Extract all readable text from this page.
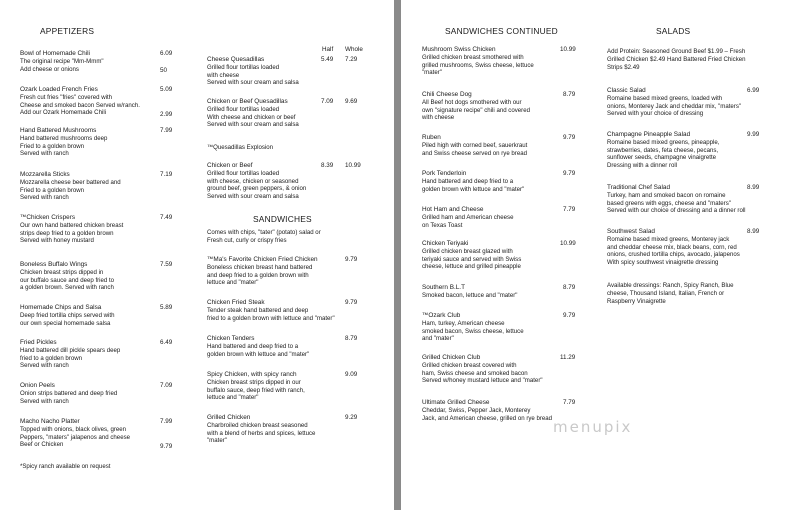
APPETIZERS
Bowl of Homemade Chili
The original recipe "Mm-Mmm"
Add cheese or onions
6.09
50
Ozark Loaded French Fries
Fresh cut fries "fries" covered with
Cheese and smoked bacon Served w/ranch.
Add our Ozark Homemade Chili
5.09
2.99
Hand Battered Mushrooms
Hand battered mushrooms deep
Fried to a golden brown
Served with ranch
7.99
Mozzarella Sticks
Mozzarella cheese beer battered and
Fried to a golden brown
Served with ranch
7.19
™Chicken Crispers
Our own hand battered chicken breast
strips deep fried to a golden brown
Served with honey mustard
7.49
Boneless Buffalo Wings
Chicken breast strips dipped in
our buffalo sauce and deep fried to
a golden brown. Served with ranch
7.59
Homemade Chips and Salsa
Deep fried tortilla chips served with
our own special homemade salsa
5.89
Fried Pickles
Hand battered dill pickle spears deep
fried to a golden brown
Served with ranch
6.49
Onion Peels
Onion strips battered and deep fried
Served with ranch
7.09
Macho Nacho Platter
Topped with onions, black olives, green
Peppers, "maters" jalapenos and cheese
Beef or Chicken
7.99
9.79
*Spicy ranch available on request
Half Whole
Cheese Quesadillas
Grilled flour tortillas loaded
with cheese
Served with sour cream and salsa
5.49 7.29
Chicken or Beef Quesadillas
Grilled flour tortillas loaded
With cheese and chicken or beef
Served with sour cream and salsa
7.09 9.69
™Quesadillas Explosion
Chicken or Beef
Grilled flour tortillas loaded
with cheese, chicken or seasoned
ground beef, green peppers, & onion
Served with sour cream and salsa
8.39 10.99
SANDWICHES
Comes with chips, "tater" (potato) salad or
Fresh cut, curly or crispy fries
™Ma's Favorite Chicken Fried Chicken
Boneless chicken breast hand battered
and deep fried to a golden brown with
lettuce and "mater"
9.79
Chicken Fried Steak
Tender steak hand battered and deep
fried to a golden brown with lettuce and "mater"
9.79
Chicken Tenders
Hand battered and deep fried to a
golden brown with lettuce and "mater"
8.79
Spicy Chicken, with spicy ranch
Chicken breast strips dipped in our
buffalo sauce, deep fried with ranch,
lettuce and "mater"
9.09
Grilled Chicken
Charbroiled chicken breast seasoned
with a blend of herbs and spices, lettuce
"mater"
9.29
SANDWICHES CONTINUED
Mushroom Swiss Chicken
Grilled chicken breast smothered with
grilled mushrooms, Swiss cheese, lettuce
"mater"
10.99
Chili Cheese Dog
All Beef hot dogs smothered with our
own "signature recipe" chili and covered
with cheese
8.79
Ruben
Piled high with corned beef, sauerkraut
and Swiss cheese served on rye bread
9.79
Pork Tenderloin
Hand battered and deep fried to a
golden brown with lettuce and "mater"
9.79
Hot Ham and Cheese
Grilled ham and American cheese
on Texas Toast
7.79
Chicken Teriyaki
Grilled chicken breast glazed with
teriyaki sauce and served with Swiss
cheese, lettuce and grilled pineapple
10.99
Southern B.L.T
Smoked bacon, lettuce and "mater"
8.79
™Ozark Club
Ham, turkey, American cheese
smoked bacon, Swiss cheese, lettuce
and "mater"
9.79
Grilled Chicken Club
Grilled chicken breast covered with
ham, Swiss cheese and smoked bacon
Served w/honey mustard lettuce and "mater"
11.29
Ultimate Grilled Cheese
Cheddar, Swiss, Pepper Jack, Monterey
Jack, and American cheese, grilled on rye bread
7.79
SALADS
Add Protein: Seasoned Ground Beef $1.99 – Fresh
Grilled Chicken $2.49 Hand Battered Fried Chicken
Strips $2.49
Classic Salad
Romaine based mixed greens, loaded with
onions, Monterey Jack and cheddar mix, "maters"
Served with your choice of dressing
6.99
Champagne Pineapple Salad
Romaine based mixed greens, pineapple,
strawberries, dates, feta cheese, pecans,
sunflower seeds, champagne vinaigrette
Dressing with a dinner roll
9.99
Traditional Chef Salad
Turkey, ham and smoked bacon on romaine
based greens with eggs, cheese and "maters"
Served with our choice of dressing and a dinner roll
8.99
Southwest Salad
Romaine based mixed greens, Monterey jack
and cheddar cheese mix, black beans, corn, red
onions, crushed tortilla chips, avocado, jalapenos
With spicy southwest vinaigrette dressing
8.99
Available dressings: Ranch, Spicy Ranch, Blue
cheese, Thousand Island, Italian, French or
Raspberry Vinaigrette
menupix
